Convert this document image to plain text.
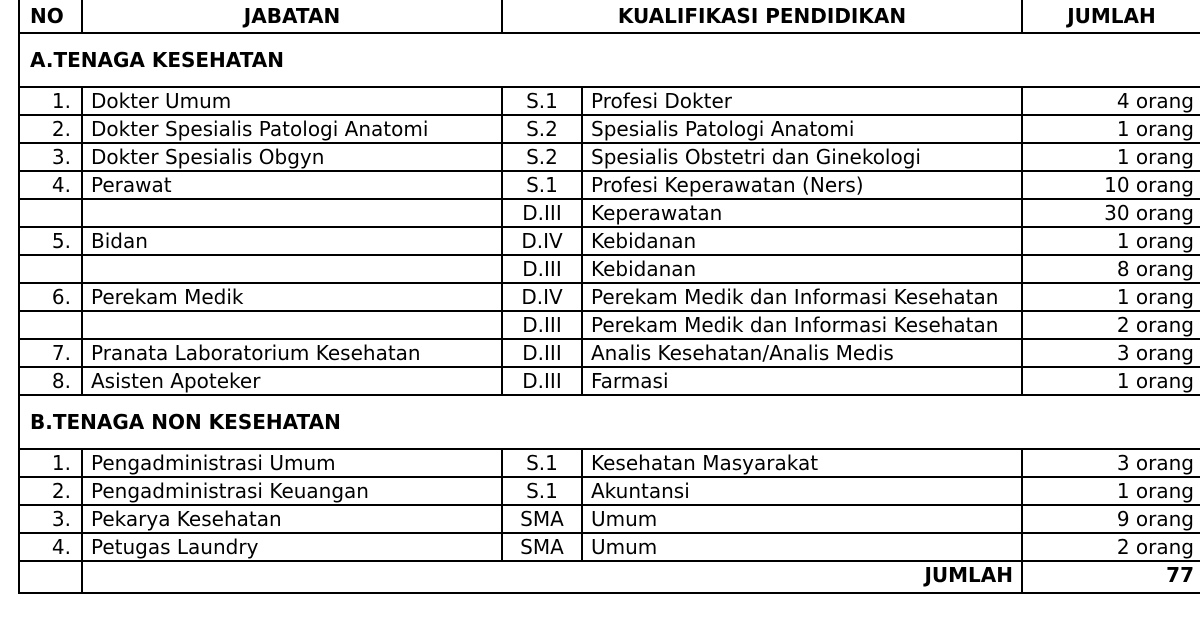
NO	JABATAN	KUALIFIKASI PENDIDIKAN		JUMLAH
A.TENAGA KESEHATAN				
1.	Dokter Umum	S.1	Profesi Dokter	4 orang
2.	Dokter Spesialis Patologi Anatomi	S.2	Spesialis Patologi Anatomi	1 orang
3.	Dokter Spesialis Obgyn	S.2	Spesialis Obstetri dan Ginekologi	1 orang
4.	Perawat	S.1	Profesi Keperawatan (Ners)	10 orang
		D.III	Keperawatan	30 orang
5.	Bidan	D.IV	Kebidanan	1 orang
		D.III	Kebidanan	8 orang
6.	Perekam Medik	D.IV	Perekam Medik dan Informasi Kesehatan	1 orang
		D.III	Perekam Medik dan Informasi Kesehatan	2 orang
7.	Pranata Laboratorium Kesehatan	D.III	Analis Kesehatan/Analis Medis	3 orang
8.	Asisten Apoteker	D.III	Farmasi	1 orang
B.TENAGA NON KESEHATAN				
1.	Pengadministrasi Umum	S.1	Kesehatan Masyarakat	3 orang
2.	Pengadministrasi Keuangan	S.1	Akuntansi	1 orang
3.	Pekarya Kesehatan	SMA	Umum	9 orang
4.	Petugas Laundry	SMA	Umum	2 orang
	JUMLAH			77
